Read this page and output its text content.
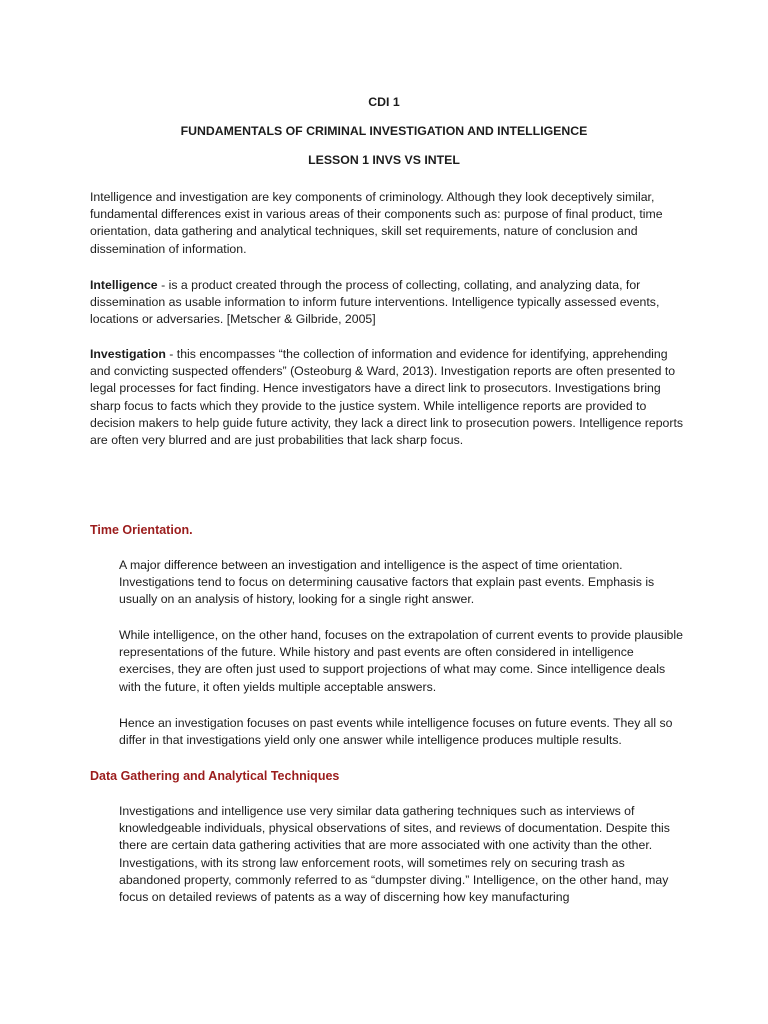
CDI 1
FUNDAMENTALS OF CRIMINAL INVESTIGATION AND INTELLIGENCE
LESSON 1 INVS VS INTEL

Intelligence and investigation are key components of criminology. Although they look deceptively similar, fundamental differences exist in various areas of their components such as: purpose of final product, time orientation, data gathering and analytical techniques, skill set requirements, nature of conclusion and dissemination of information.

Intelligence - is a product created through the process of collecting, collating, and analyzing data, for dissemination as usable information to inform future interventions. Intelligence typically assessed events, locations or adversaries. [Metscher & Gilbride, 2005]

Investigation - this encompasses “the collection of information and evidence for identifying, apprehending and convicting suspected offenders” (Osteoburg & Ward, 2013). Investigation reports are often presented to legal processes for fact finding. Hence investigators have a direct link to prosecutors. Investigations bring sharp focus to facts which they provide to the justice system. While intelligence reports are provided to decision makers to help guide future activity, they lack a direct link to prosecution powers. Intelligence reports are often very blurred and are just probabilities that lack sharp focus.

Time Orientation.

A major difference between an investigation and intelligence is the aspect of time orientation. Investigations tend to focus on determining causative factors that explain past events. Emphasis is usually on an analysis of history, looking for a single right answer.

While intelligence, on the other hand, focuses on the extrapolation of current events to provide plausible representations of the future. While history and past events are often considered in intelligence exercises, they are often just used to support projections of what may come. Since intelligence deals with the future, it often yields multiple acceptable answers.

Hence an investigation focuses on past events while intelligence focuses on future events. They all so differ in that investigations yield only one answer while intelligence produces multiple results.

Data Gathering and Analytical Techniques

Investigations and intelligence use very similar data gathering techniques such as interviews of knowledgeable individuals, physical observations of sites, and reviews of documentation. Despite this there are certain data gathering activities that are more associated with one activity than the other. Investigations, with its strong law enforcement roots, will sometimes rely on securing trash as abandoned property, commonly referred to as “dumpster diving.” Intelligence, on the other hand, may focus on detailed reviews of patents as a way of discerning how key manufacturing
